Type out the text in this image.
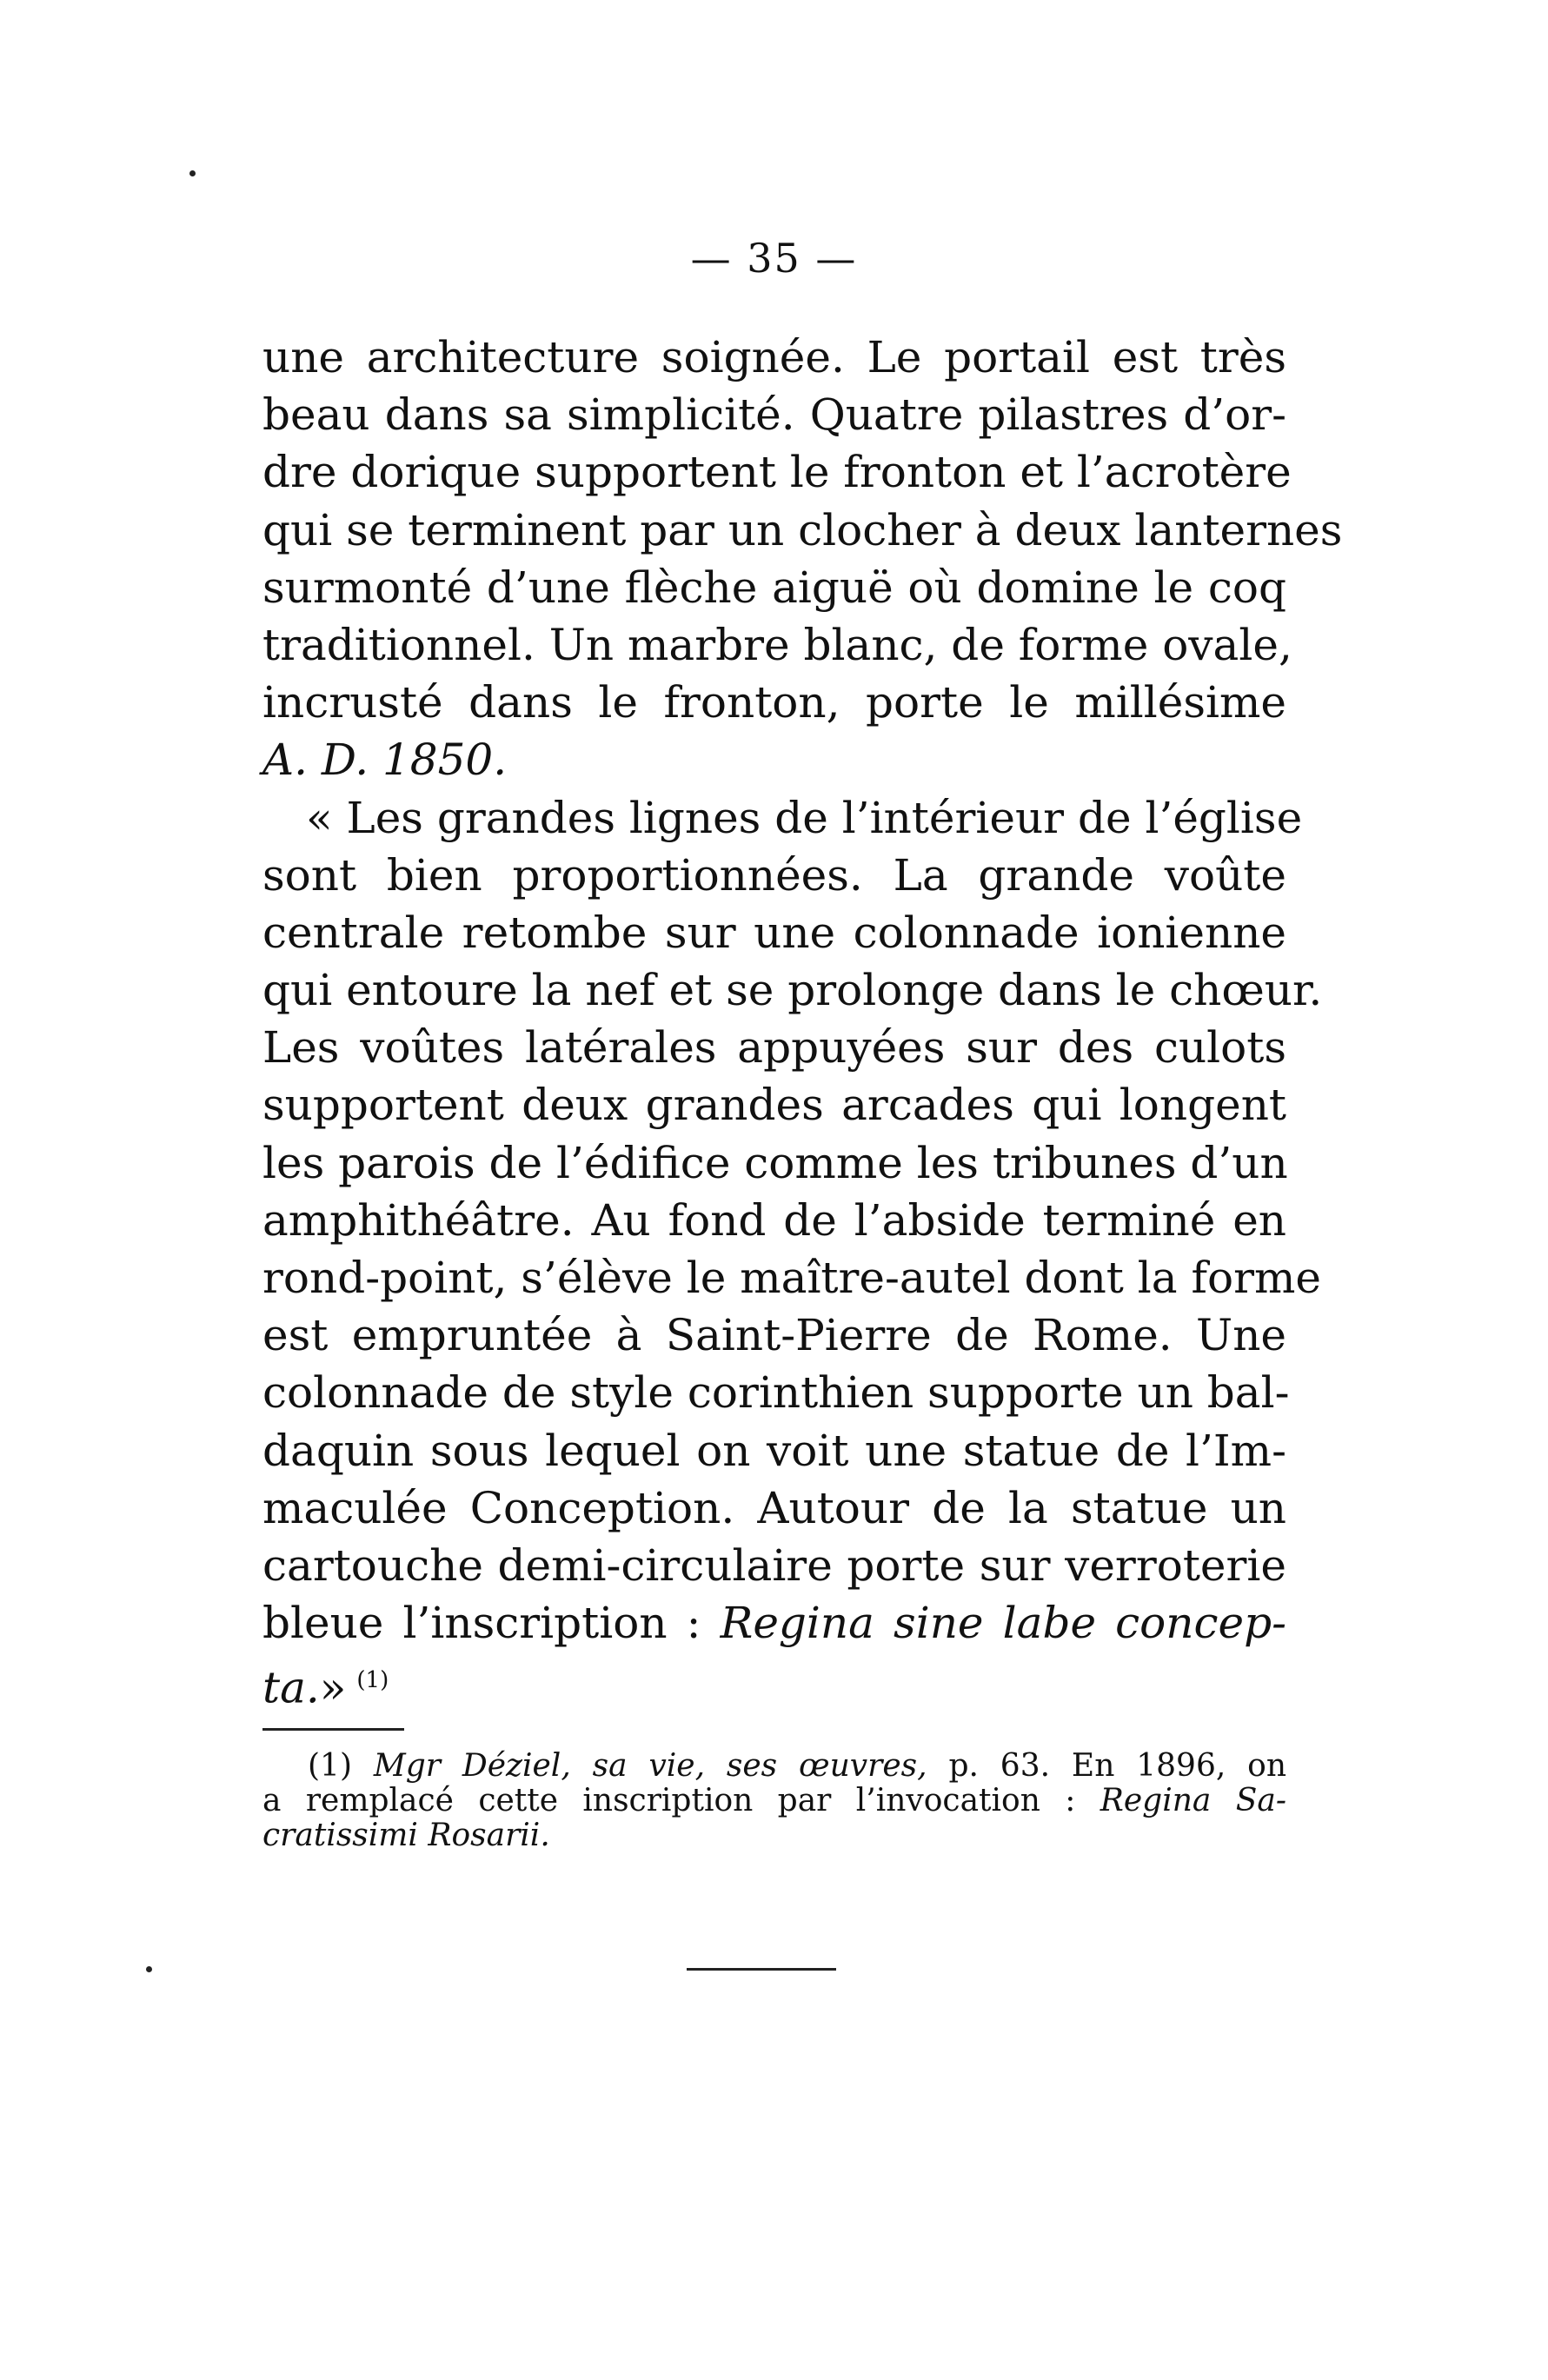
— 35 —
une architecture soignée. Le portail est très
beau dans sa simplicité. Quatre pilastres d’or-
dre dorique supportent le fronton et l’acrotère
qui se terminent par un clocher à deux lanternes
surmonté d’une flèche aiguë où domine le coq
traditionnel. Un marbre blanc, de forme ovale,
incrusté dans le fronton, porte le millésime
A. D. 1850.
« Les grandes lignes de l’intérieur de l’église
sont bien proportionnées. La grande voûte
centrale retombe sur une colonnade ionienne
qui entoure la nef et se prolonge dans le chœur.
Les voûtes latérales appuyées sur des culots
supportent deux grandes arcades qui longent
les parois de l’édifice comme les tribunes d’un
amphithéâtre. Au fond de l’abside terminé en
rond-point, s’élève le maître-autel dont la forme
est empruntée à Saint-Pierre de Rome. Une
colonnade de style corinthien supporte un bal-
daquin sous lequel on voit une statue de l’Im-
maculée Conception. Autour de la statue un
cartouche demi-circulaire porte sur verroterie
bleue l’inscription : Regina sine labe concep-
ta.» $^{(1)}$
(1) Mgr Déziel, sa vie, ses œuvres, p. 63. En 1896, on
a remplacé cette inscription par l’invocation : Regina Sa-
cratissimi Rosarii.
